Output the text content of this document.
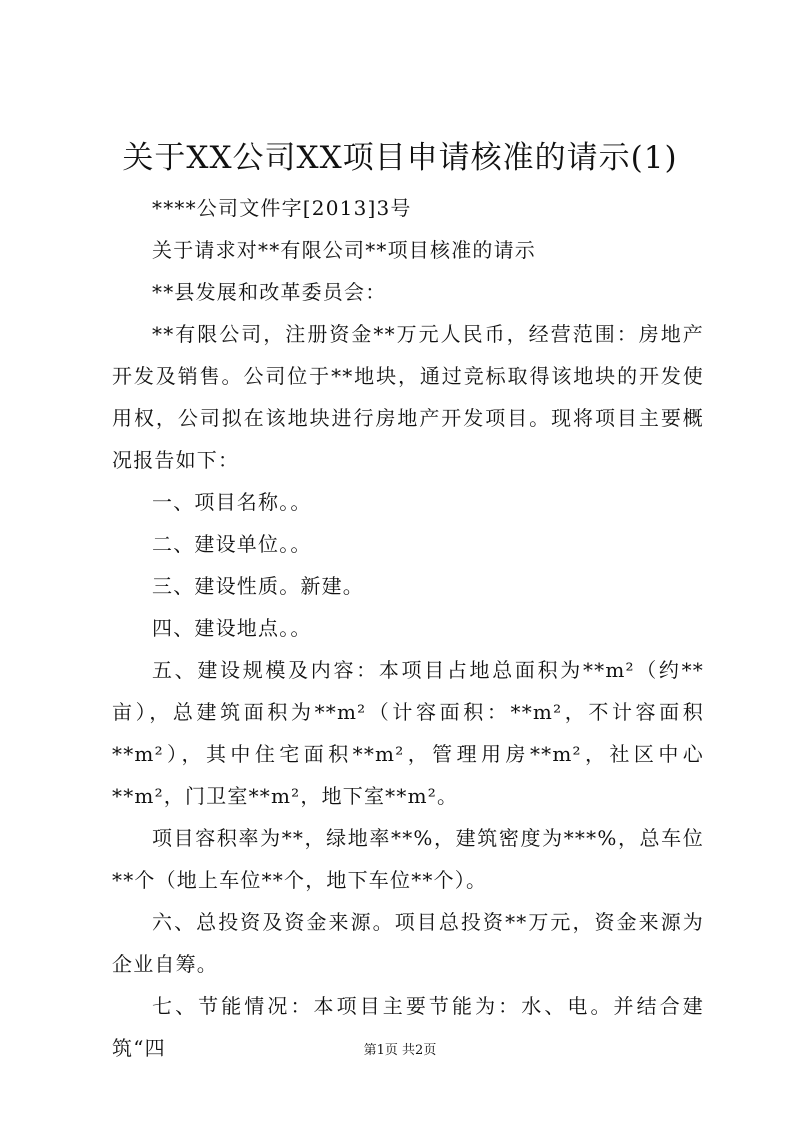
关于XX公司XX项目申请核准的请示(1)

****公司文件字[2013]3号

关于请求对**有限公司**项目核准的请示

**县发展和改革委员会：

**有限公司，注册资金**万元人民币，经营范围：房地产开发及销售。公司位于**地块，通过竞标取得该地块的开发使用权，公司拟在该地块进行房地产开发项目。现将项目主要概况报告如下：

一、项目名称。。

二、建设单位。。

三、建设性质。新建。

四、建设地点。。

五、建设规模及内容：本项目占地总面积为**m²（约**亩），总建筑面积为**m²（计容面积：**m²，不计容面积**m²），其中住宅面积**m²，管理用房**m²，社区中心**m²，门卫室**m²，地下室**m²。

项目容积率为**，绿地率**%，建筑密度为***%，总车位**个（地上车位**个，地下车位**个）。

六、总投资及资金来源。项目总投资**万元，资金来源为企业自筹。

七、节能情况：本项目主要节能为：水、电。并结合建筑“四	第1页 共2页
